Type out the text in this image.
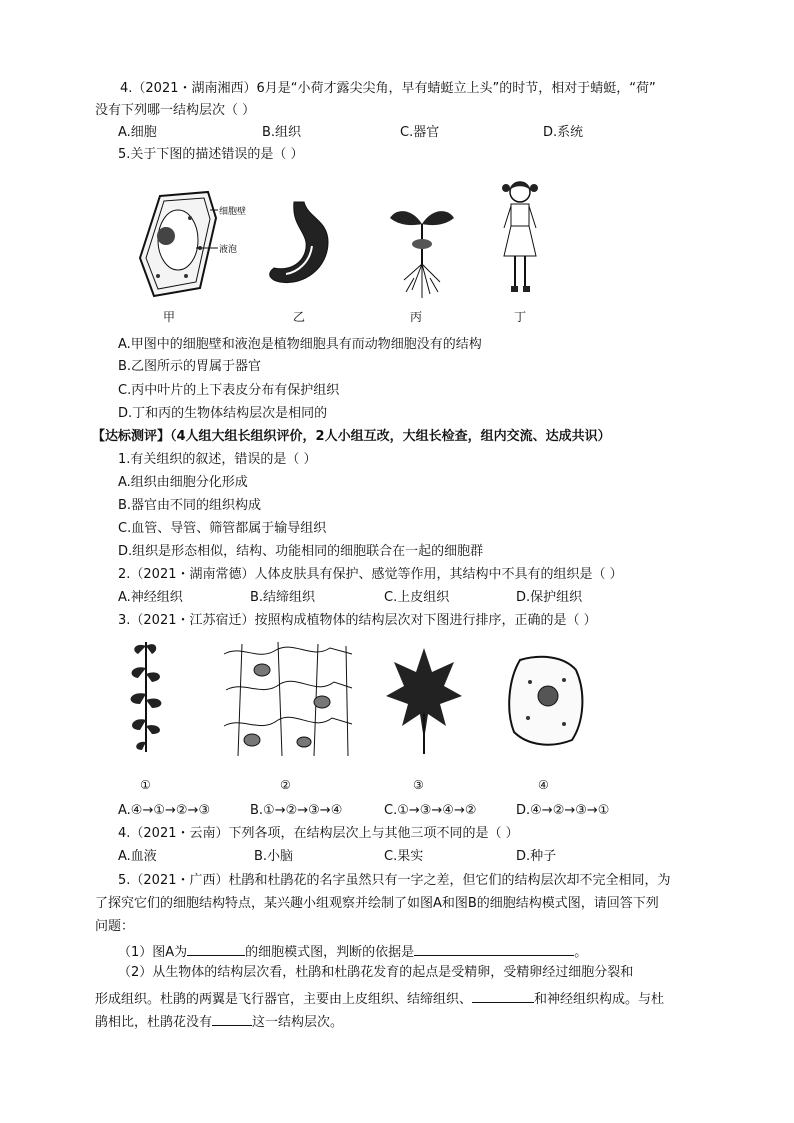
4.（2021・湖南湘西）6月是“小荷才露尖尖角，早有蜻蜓立上头”的时节，相对于蜻蜓，“荷”
没有下列哪一结构层次（ ）
A.细胞	B.组织	C.器官	D.系统
5.关于下图的描述错误的是（ ）
细胞壁
液泡
甲	乙	丙	丁
A.甲图中的细胞壁和液泡是植物细胞具有而动物细胞没有的结构
B.乙图所示的胃属于器官
C.丙中叶片的上下表皮分布有保护组织
D.丁和丙的生物体结构层次是相同的
【达标测评】（4人组大组长组织评价，2人小组互改，大组长检查，组内交流、达成共识）
1.有关组织的叙述，错误的是（ ）
A.组织由细胞分化形成
B.器官由不同的组织构成
C.血管、导管、筛管都属于输导组织
D.组织是形态相似，结构、功能相同的细胞联合在一起的细胞群
2.（2021・湖南常德）人体皮肤具有保护、感觉等作用，其结构中不具有的组织是（ ）
A.神经组织	B.结缔组织	C.上皮组织	D.保护组织
3.（2021・江苏宿迁）按照构成植物体的结构层次对下图进行排序，正确的是（ ）
①	②	③	④
A.④→①→②→③	B.①→②→③→④	C.①→③→④→②	D.④→②→③→①
4.（2021・云南）下列各项，在结构层次上与其他三项不同的是（ ）
A.血液	B.小脑	C.果实	D.种子
5.（2021・广西）杜鹃和杜鹃花的名字虽然只有一字之差，但它们的结构层次却不完全相同，为
了探究它们的细胞结构特点，某兴趣小组观察并绘制了如图A和图B的细胞结构模式图，请回答下列
问题：
（1）图A为	的细胞模式图，判断的依据是	。
（2）从生物体的结构层次看，杜鹃和杜鹃花发育的起点是受精卵，受精卵经过细胞分裂和
形成组织。杜鹃的两翼是飞行器官，主要由上皮组织、结缔组织、	和神经组织构成。与杜
鹃相比，杜鹃花没有	这一结构层次。
